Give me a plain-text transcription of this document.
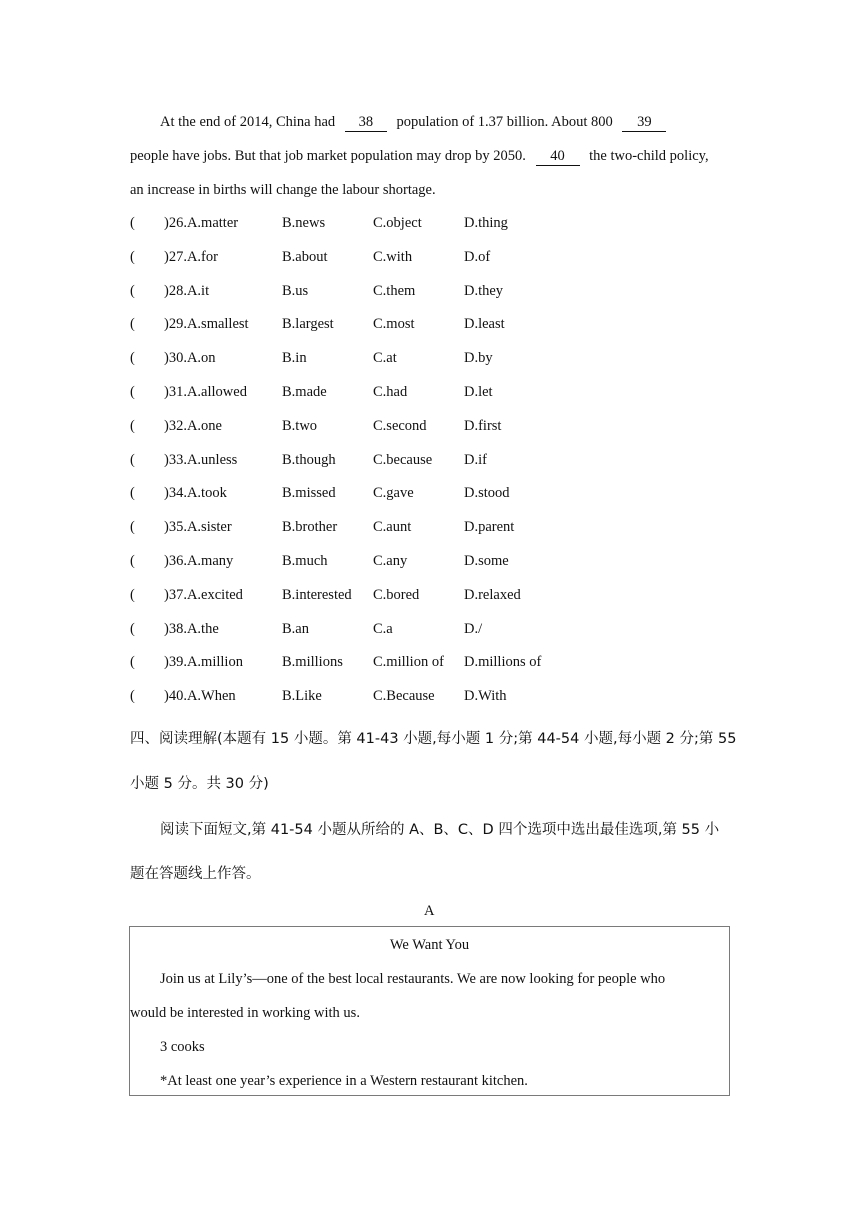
At the end of 2014, China had 38 population of 1.37 billion. About 800 39
people have jobs. But that job market population may drop by 2050. 40 the two-child policy,
an increase in births will change the labour shortage.
( )26.A.matter	B.news	C.object	D.thing
( )27.A.for	B.about	C.with	D.of
( )28.A.it	B.us	C.them	D.they
( )29.A.smallest B.largest	C.most	D.least
( )30.A.on	B.in	C.at	D.by
( )31.A.allowed B.made	C.had	D.let
( )32.A.one	B.two	C.second	D.first
( )33.A.unless	B.though	C.because D.if
( )34.A.took	B.missed	C.gave	D.stood
( )35.A.sister	B.brother C.aunt	D.parent
( )36.A.many	B.much	C.any	D.some
( )37.A.excited	B.interested C.bored	D.relaxed
( )38.A.the	B.an	C.a	D./
( )39.A.million	B.millions C.million of D.millions of
( )40.A.When	B.Like	C.Because D.With
四、阅读理解(本题有 15 小题。第 41-43 小题,每小题 1 分;第 44-54 小题,每小题 2 分;第 55
小题 5 分。共 30 分)
阅读下面短文,第 41-54 小题从所给的 A、B、C、D 四个选项中选出最佳选项,第 55 小
题在答题线上作答。
A
We Want You
Join us at Lily’s—one of the best local restaurants. We are now looking for people who
would be interested in working with us.
3 cooks
*At least one year’s experience in a Western restaurant kitchen.
